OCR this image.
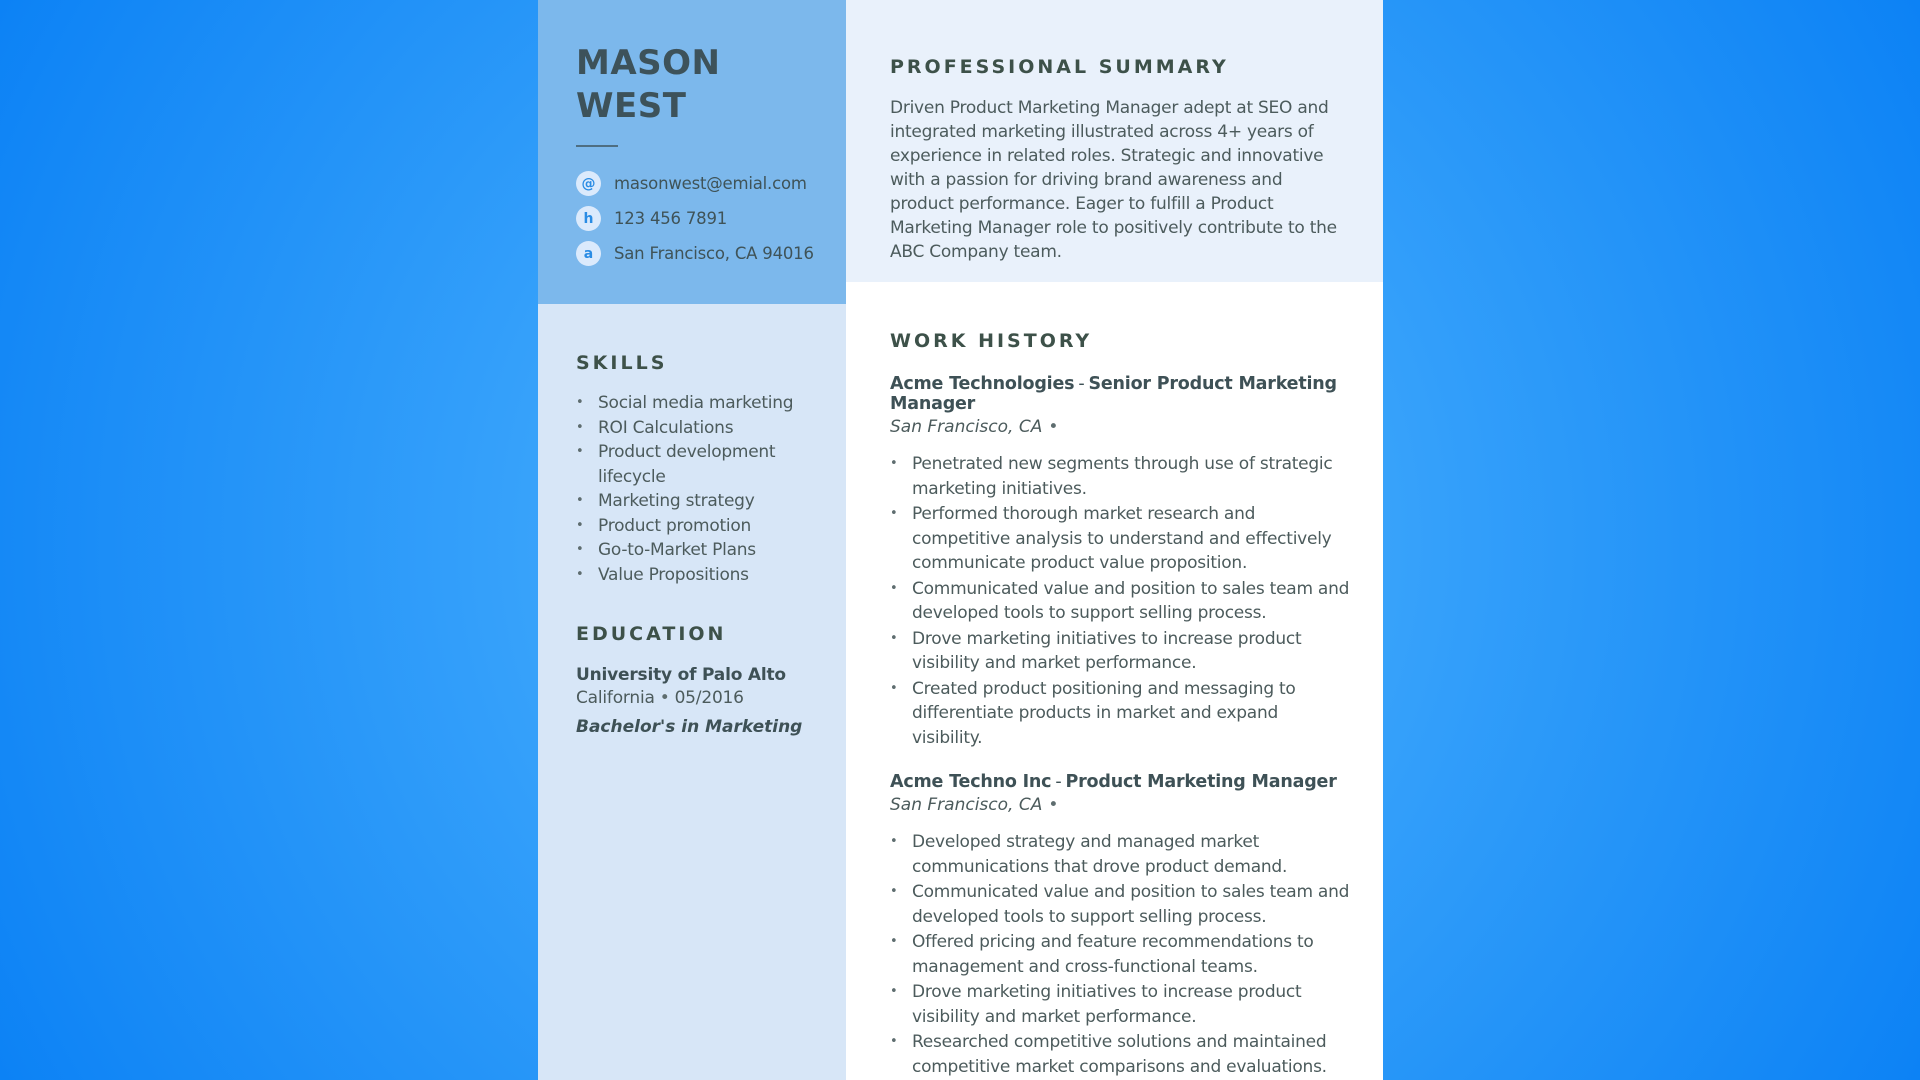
MASON
WEST
@	masonwest@emial.com
h	123 456 7891
a	San Francisco, CA 94016
SKILLS
• Social media marketing
• ROI Calculations
• Product development lifecycle
• Marketing strategy
• Product promotion
• Go-to-Market Plans
• Value Propositions
EDUCATION
University of Palo Alto
California • 05/2016
Bachelor's in Marketing
PROFESSIONAL SUMMARY

Driven Product Marketing Manager adept at SEO and integrated marketing illustrated across 4+ years of experience in related roles. Strategic and innovative with a passion for driving brand awareness and product performance. Eager to fulfill a Product Marketing Manager role to positively contribute to the ABC Company team.

WORK HISTORY
Acme Technologies - Senior Product Marketing Manager
San Francisco, CA •
• Penetrated new segments through use of strategic marketing initiatives.
• Performed thorough market research and competitive analysis to understand and effectively communicate product value proposition.
• Communicated value and position to sales team and developed tools to support selling process.
• Drove marketing initiatives to increase product visibility and market performance.
• Created product positioning and messaging to differentiate products in market and expand visibility.
Acme Techno Inc - Product Marketing Manager
San Francisco, CA •
• Developed strategy and managed market communications that drove product demand.
• Communicated value and position to sales team and developed tools to support selling process.
• Offered pricing and feature recommendations to management and cross-functional teams.
• Drove marketing initiatives to increase product visibility and market performance.
• Researched competitive solutions and maintained competitive market comparisons and evaluations.
